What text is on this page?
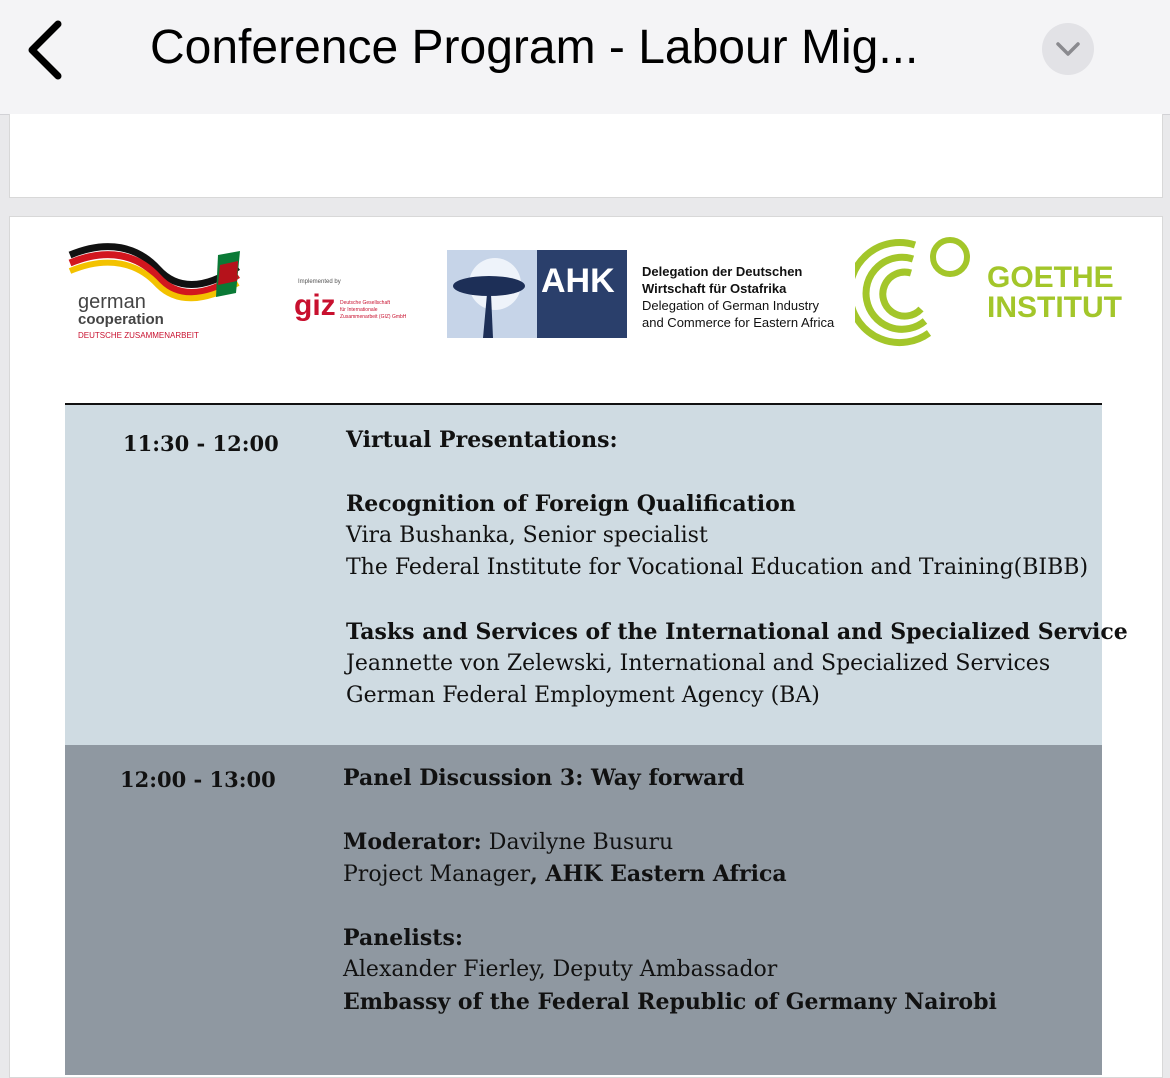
Conference Program - Labour Mig...
german
cooperation
DEUTSCHE ZUSAMMENARBEIT
Implemented by
giz Deutsche Gesellschaft
für Internationale
Zusammenarbeit (GIZ) GmbH
AHK Delegation der Deutschen
Wirtschaft für Ostafrika
Delegation of German Industry
and Commerce for Eastern Africa
GOETHE
INSTITUT
11:30 - 12:00	Virtual Presentations:
Recognition of Foreign Qualification
Vira Bushanka, Senior specialist
The Federal Institute for Vocational Education and Training(BIBB)
Tasks and Services of the International and Specialized Service
Jeannette von Zelewski, International and Specialized Services
German Federal Employment Agency (BA)
12:00 - 13:00	Panel Discussion 3: Way forward
Moderator: Davilyne Busuru
Project Manager, AHK Eastern Africa
Panelists:
Alexander Fierley, Deputy Ambassador
Embassy of the Federal Republic of Germany Nairobi
